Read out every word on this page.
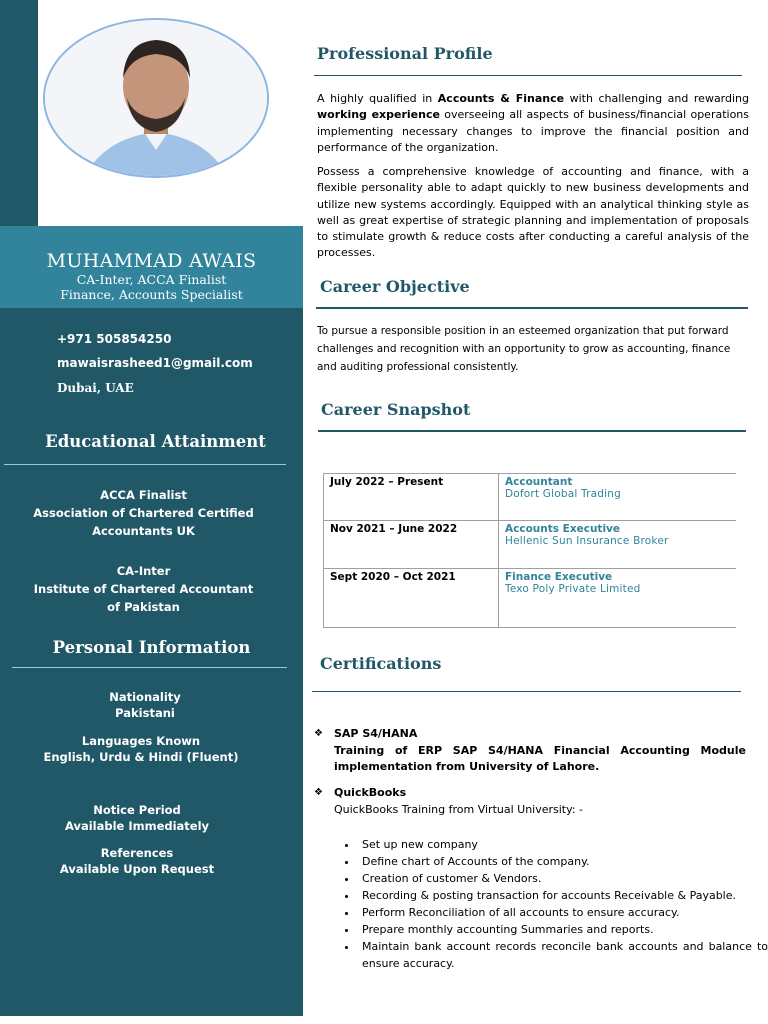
MUHAMMAD AWAIS
CA-Inter, ACCA Finalist
Finance, Accounts Specialist
+971 505854250
mawaisrasheed1@gmail.com
Dubai, UAE
Educational Attainment
ACCA Finalist
Association of Chartered Certified
Accountants UK
CA-Inter
Institute of Chartered Accountant
of Pakistan
Personal Information
Nationality
Pakistani
Languages Known
English, Urdu & Hindi (Fluent)
Notice Period
Available Immediately
References
Available Upon Request
Professional Profile
A highly qualified in Accounts & Finance with challenging and rewarding working experience overseeing all aspects of business/financial operations implementing necessary changes to improve the financial position and performance of the organization.
Possess a comprehensive knowledge of accounting and finance, with a flexible personality able to adapt quickly to new business developments and utilize new systems accordingly. Equipped with an analytical thinking style as well as great expertise of strategic planning and implementation of proposals to stimulate growth & reduce costs after conducting a careful analysis of the processes.
Career Objective
To pursue a responsible position in an esteemed organization that put forward challenges and recognition with an opportunity to grow as accounting, finance and auditing professional consistently.
Career Snapshot
July 2022 – Present	Accountant
Dofort Global Trading

Nov 2021 – June 2022	Accounts Executive
Hellenic Sun Insurance Broker

Sept 2020 – Oct 2021	Finance Executive
Texo Poly Private Limited
Certifications
❖ SAP S4/HANA
Training of ERP SAP S4/HANA Financial Accounting Module implementation from University of Lahore.
❖ QuickBooks
QuickBooks Training from Virtual University: -
• Set up new company
• Define chart of Accounts of the company.
• Creation of customer & Vendors.
• Recording & posting transaction for accounts Receivable & Payable.
• Perform Reconciliation of all accounts to ensure accuracy.
• Prepare monthly accounting Summaries and reports.
• Maintain bank account records reconcile bank accounts and balance to ensure accuracy.
